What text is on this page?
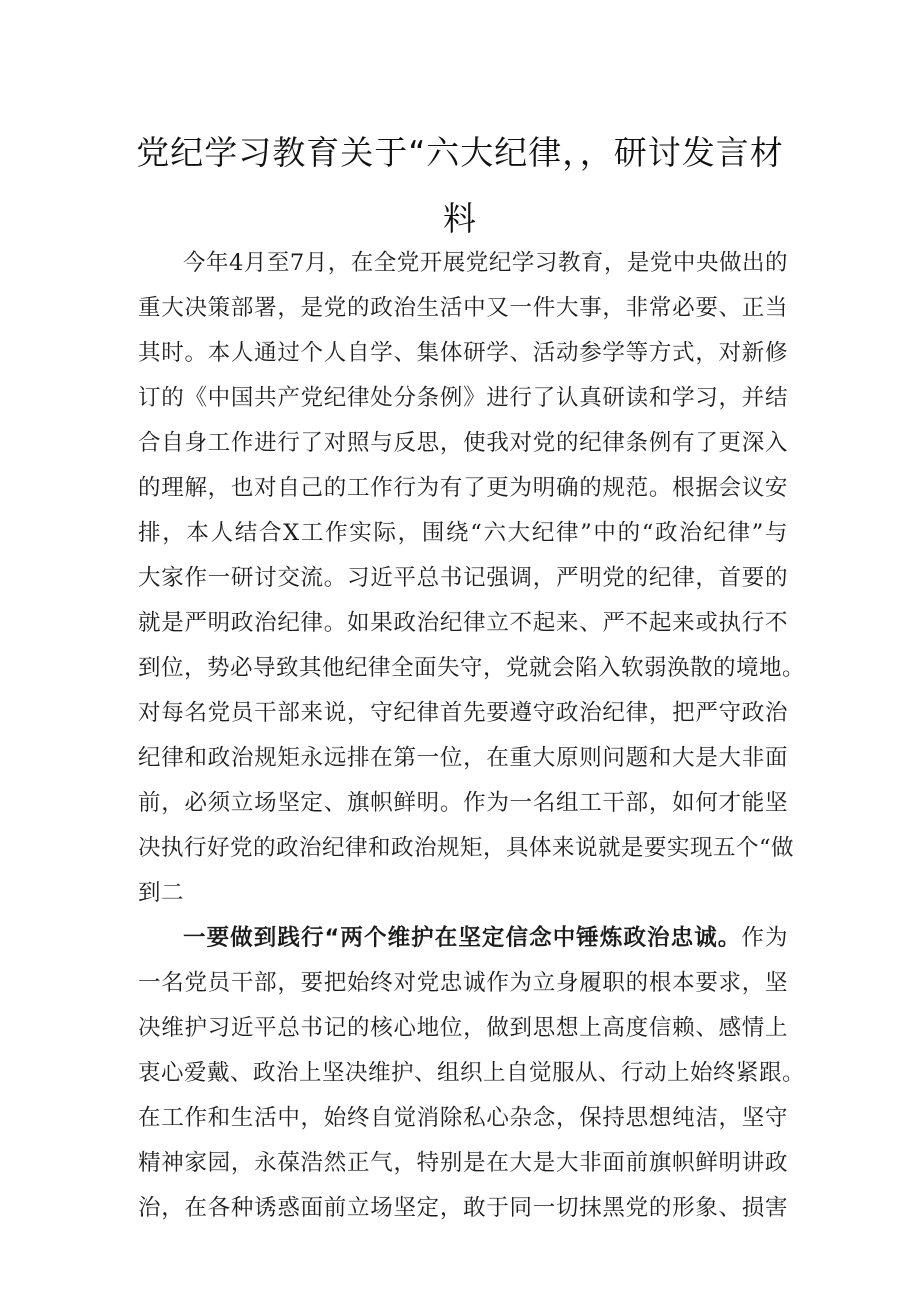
党纪学习教育关于“六大纪律，，研讨发言材
料
今年4月至7月，在全党开展党纪学习教育，是党中央做出的
重大决策部署，是党的政治生活中又一件大事，非常必要、正当
其时。本人通过个人自学、集体研学、活动参学等方式，对新修
订的《中国共产党纪律处分条例》进行了认真研读和学习，并结
合自身工作进行了对照与反思，使我对党的纪律条例有了更深入
的理解，也对自己的工作行为有了更为明确的规范。根据会议安
排，本人结合X工作实际，围绕“六大纪律”中的“政治纪律”与
大家作一研讨交流。习近平总书记强调，严明党的纪律，首要的
就是严明政治纪律。如果政治纪律立不起来、严不起来或执行不
到位，势必导致其他纪律全面失守，党就会陷入软弱涣散的境地。
对每名党员干部来说，守纪律首先要遵守政治纪律，把严守政治
纪律和政治规矩永远排在第一位，在重大原则问题和大是大非面
前，必须立场坚定、旗帜鲜明。作为一名组工干部，如何才能坚
决执行好党的政治纪律和政治规矩，具体来说就是要实现五个“做
到二
一要做到践行“两个维护在坚定信念中锤炼政治忠诚。作为
一名党员干部，要把始终对党忠诚作为立身履职的根本要求，坚
决维护习近平总书记的核心地位，做到思想上高度信赖、感情上
衷心爱戴、政治上坚决维护、组织上自觉服从、行动上始终紧跟。
在工作和生活中，始终自觉消除私心杂念，保持思想纯洁，坚守
精神家园，永葆浩然正气，特别是在大是大非面前旗帜鲜明讲政
治，在各种诱惑面前立场坚定，敢于同一切抹黑党的形象、损害
